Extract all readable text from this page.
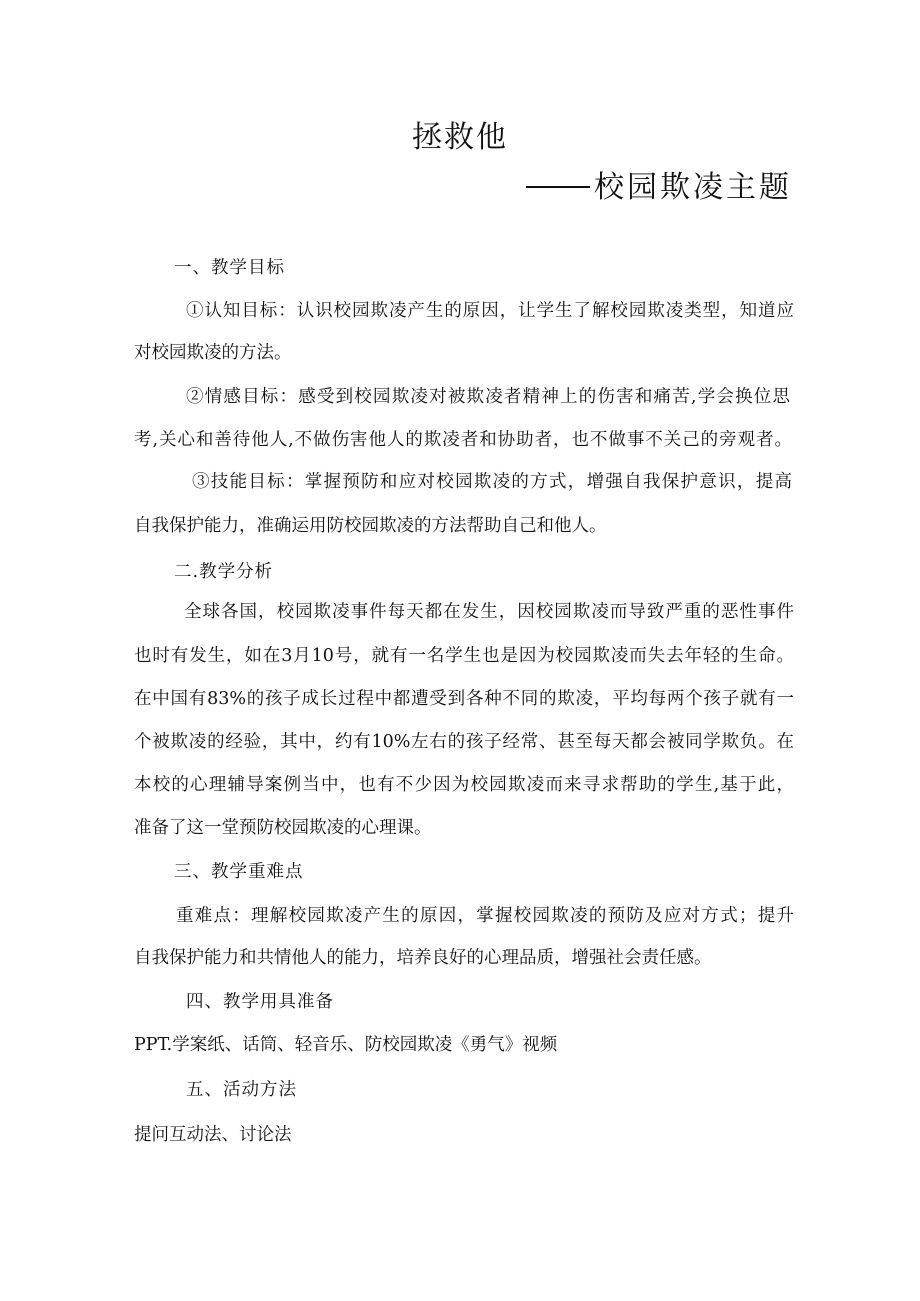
拯救他
校园欺凌主题

一、教学目标

①认知目标：认识校园欺凌产生的原因，让学生了解校园欺凌类型，知道应

对校园欺凌的方法。

②情感目标：感受到校园欺凌对被欺凌者精神上的伤害和痛苦,学会换位思

考,关心和善待他人,不做伤害他人的欺凌者和协助者，也不做事不关己的旁观者。

③技能目标：掌握预防和应对校园欺凌的方式，增强自我保护意识，提高

自我保护能力，准确运用防校园欺凌的方法帮助自己和他人。

二.教学分析

全球各国，校园欺凌事件每天都在发生，因校园欺凌而导致严重的恶性事件

也时有发生，如在3月10号，就有一名学生也是因为校园欺凌而失去年轻的生命。

在中国有83%的孩子成长过程中都遭受到各种不同的欺凌，平均每两个孩子就有一

个被欺凌的经验，其中，约有10%左右的孩子经常、甚至每天都会被同学欺负。在

本校的心理辅导案例当中，也有不少因为校园欺凌而来寻求帮助的学生,基于此，

准备了这一堂预防校园欺凌的心理课。

三、教学重难点

重难点：理解校园欺凌产生的原因，掌握校园欺凌的预防及应对方式；提升

自我保护能力和共情他人的能力，培养良好的心理品质，增强社会责任感。

四、教学用具准备

PPT.学案纸、话筒、轻音乐、防校园欺凌《勇气》视频

五、活动方法

提问互动法、讨论法
